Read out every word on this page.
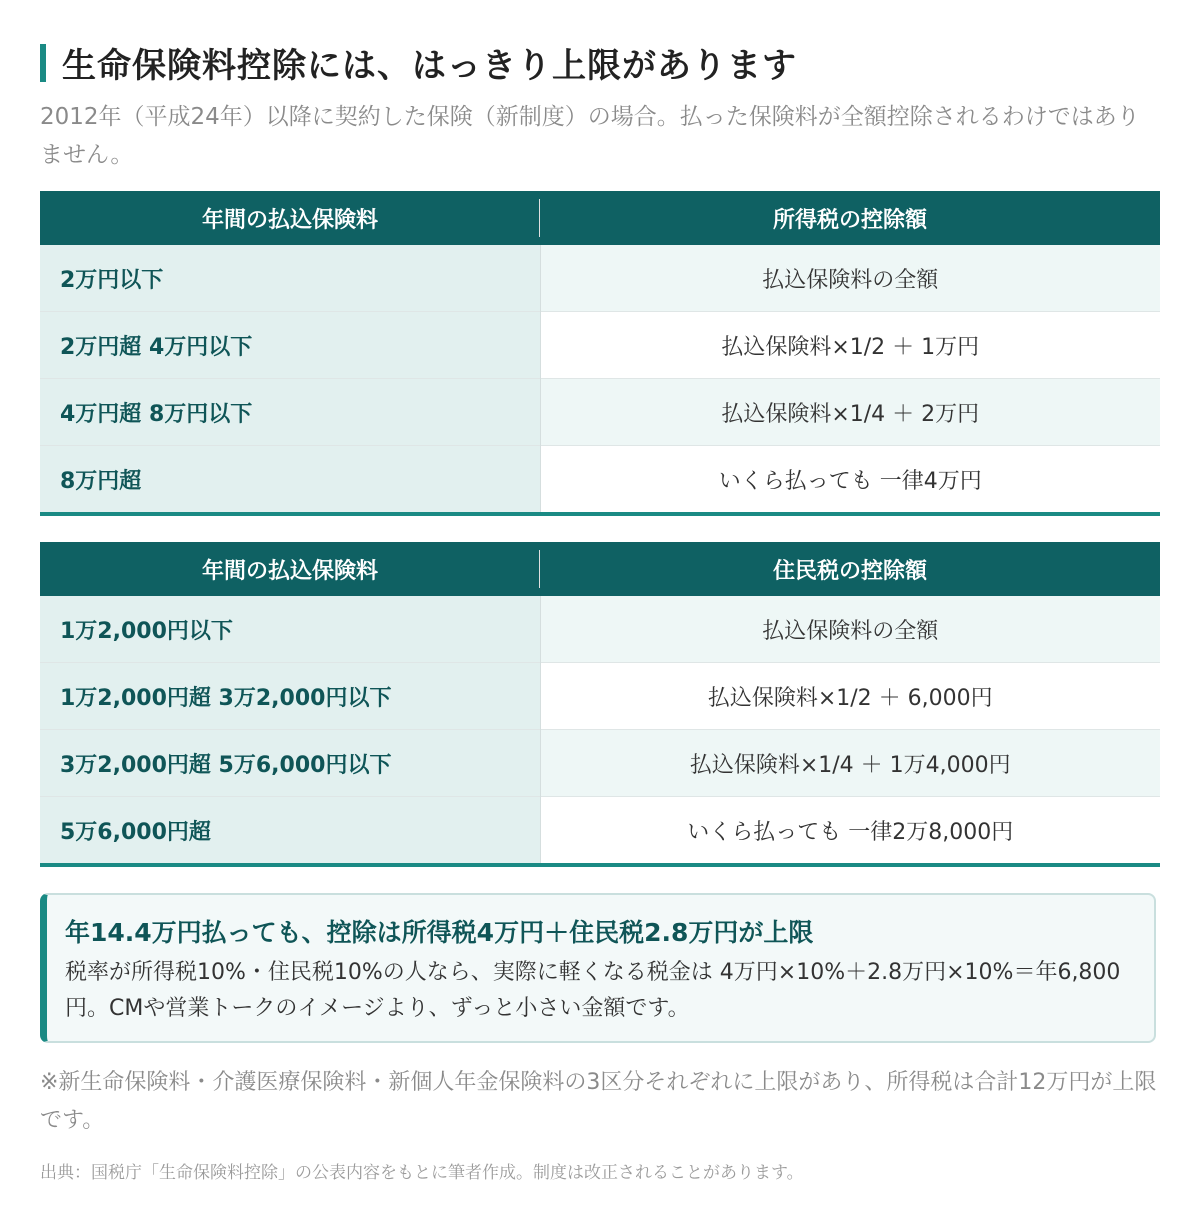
生命保険料控除には、はっきり上限があります
2012年（平成24年）以降に契約した保険（新制度）の場合。払った保険料が全額控除されるわけではありません。
年間の払込保険料	所得税の控除額
2万円以下	払込保険料の全額
2万円超 4万円以下	払込保険料×1/2 ＋ 1万円
4万円超 8万円以下	払込保険料×1/4 ＋ 2万円
8万円超	いくら払っても 一律4万円
年間の払込保険料	住民税の控除額
1万2,000円以下	払込保険料の全額
1万2,000円超 3万2,000円以下	払込保険料×1/2 ＋ 6,000円
3万2,000円超 5万6,000円以下	払込保険料×1/4 ＋ 1万4,000円
5万6,000円超	いくら払っても 一律2万8,000円
年14.4万円払っても、控除は所得税4万円＋住民税2.8万円が上限
税率が所得税10%・住民税10%の人なら、実際に軽くなる税金は 4万円×10%＋2.8万円×10%＝年6,800円。CMや営業トークのイメージより、ずっと小さい金額です。
※新生命保険料・介護医療保険料・新個人年金保険料の3区分それぞれに上限があり、所得税は合計12万円が上限です。
出典：国税庁「生命保険料控除」の公表内容をもとに筆者作成。制度は改正されることがあります。
